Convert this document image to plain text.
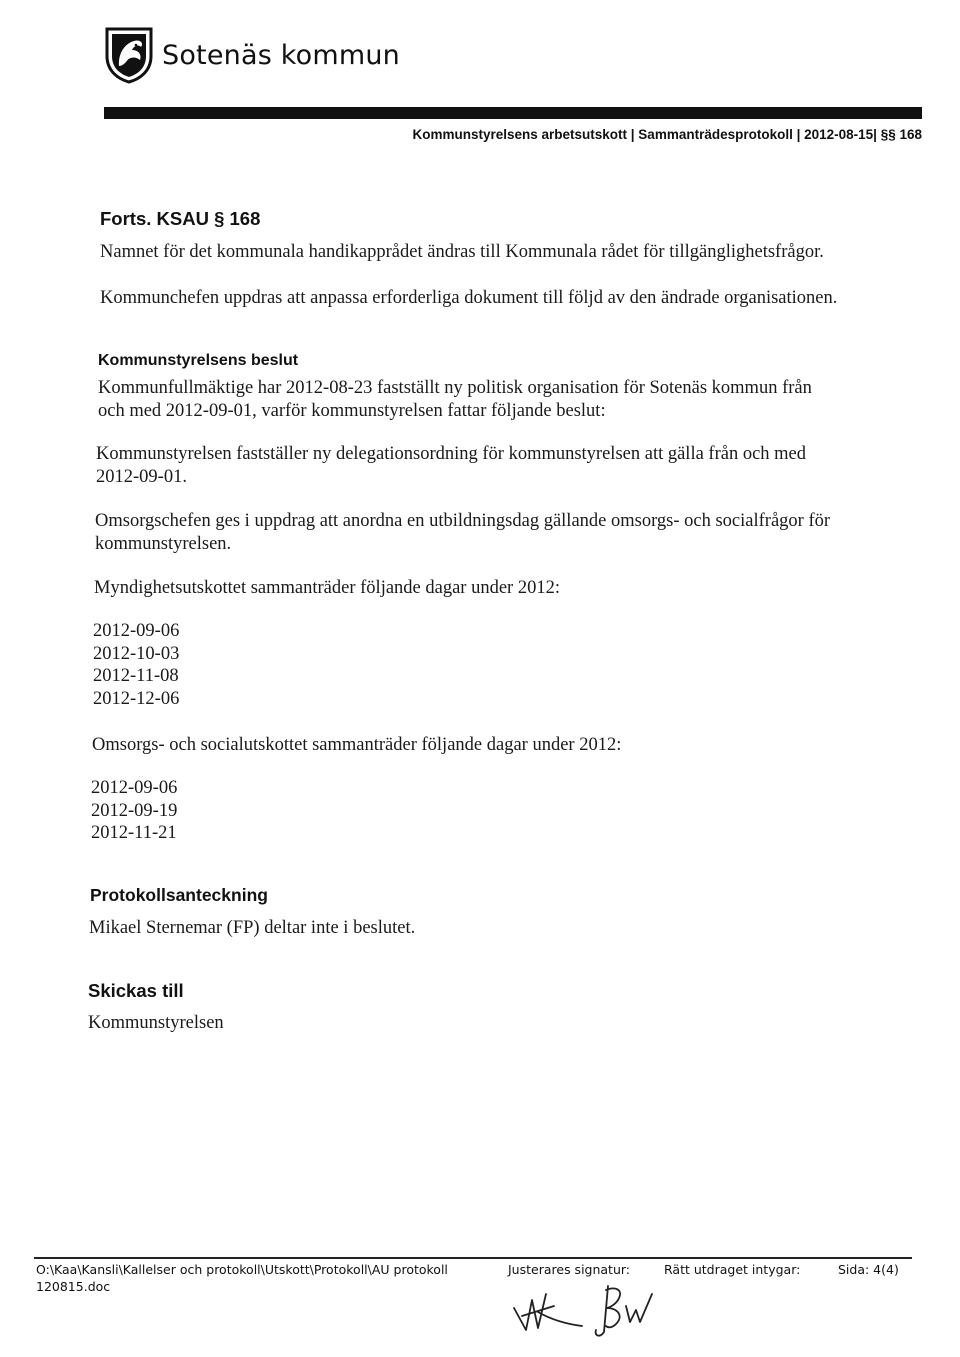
Sotenäs kommun
Kommunstyrelsens arbetsutskott | Sammanträdesprotokoll | 2012-08-15| §§ 168
Forts. KSAU § 168
Namnet för det kommunala handikapprådet ändras till Kommunala rådet för tillgänglighetsfrågor.
Kommunchefen uppdras att anpassa erforderliga dokument till följd av den ändrade organisationen.
Kommunstyrelsens beslut
Kommunfullmäktige har 2012-08-23 fastställt ny politisk organisation för Sotenäs kommun från
och med 2012-09-01, varför kommunstyrelsen fattar följande beslut:
Kommunstyrelsen fastställer ny delegationsordning för kommunstyrelsen att gälla från och med
2012-09-01.
Omsorgschefen ges i uppdrag att anordna en utbildningsdag gällande omsorgs- och socialfrågor för
kommunstyrelsen.
Myndighetsutskottet sammanträder följande dagar under 2012:
2012-09-06
2012-10-03
2012-11-08
2012-12-06
Omsorgs- och socialutskottet sammanträder följande dagar under 2012:
2012-09-06
2012-09-19
2012-11-21
Protokollsanteckning
Mikael Sternemar (FP) deltar inte i beslutet.
Skickas till
Kommunstyrelsen
O:\Kaa\Kansli\Kallelser och protokoll\Utskott\Protokoll\AU protokoll
120815.doc
Justerares signatur:	Rätt utdraget intygar:	Sida: 4(4)
